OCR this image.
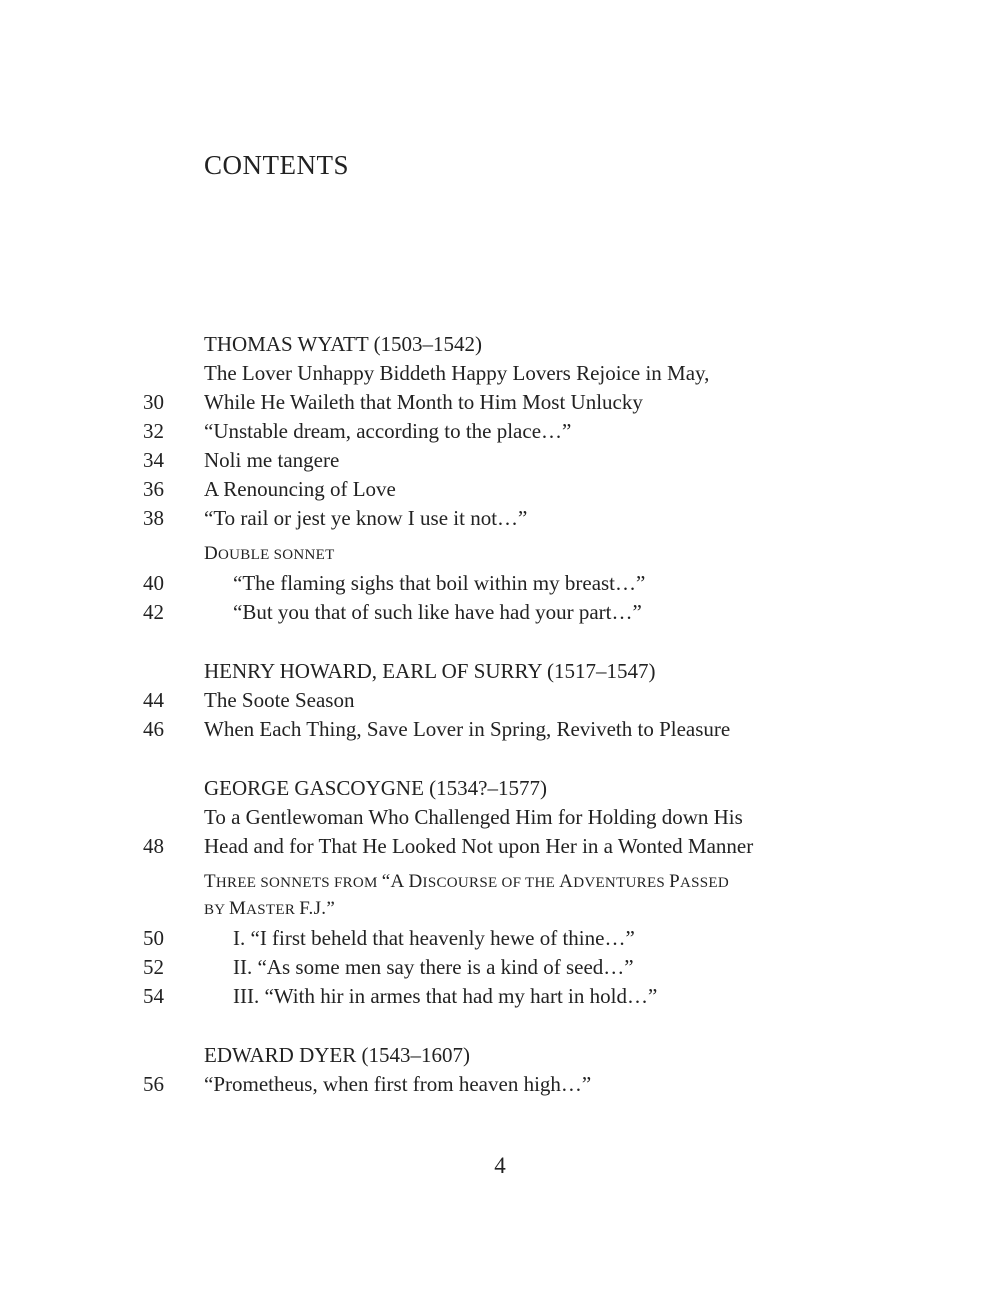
CONTENTS
THOMAS WYATT (1503–1542)
The Lover Unhappy Biddeth Happy Lovers Rejoice in May,
30 While He Waileth that Month to Him Most Unlucky
32 “Unstable dream, according to the place…”
34 Noli me tangere
36 A Renouncing of Love
38 “To rail or jest ye know I use it not…”
DOUBLE SONNET
40	“The flaming sighs that boil within my breast…”
42	“But you that of such like have had your part…”
HENRY HOWARD, EARL OF SURRY (1517–1547)
44 The Soote Season
46 When Each Thing, Save Lover in Spring, Reviveth to Pleasure
GEORGE GASCOYGNE (1534?–1577)
To a Gentlewoman Who Challenged Him for Holding down His
48 Head and for That He Looked Not upon Her in a Wonted Manner
THREE SONNETS FROM “A DISCOURSE OF THE ADVENTURES PASSED
BY MASTER F.J.”
50	I. “I first beheld that heavenly hewe of thine…”
52	II. “As some men say there is a kind of seed…”
54	III. “With hir in armes that had my hart in hold…”
EDWARD DYER (1543–1607)
56 “Prometheus, when first from heaven high…”
4
